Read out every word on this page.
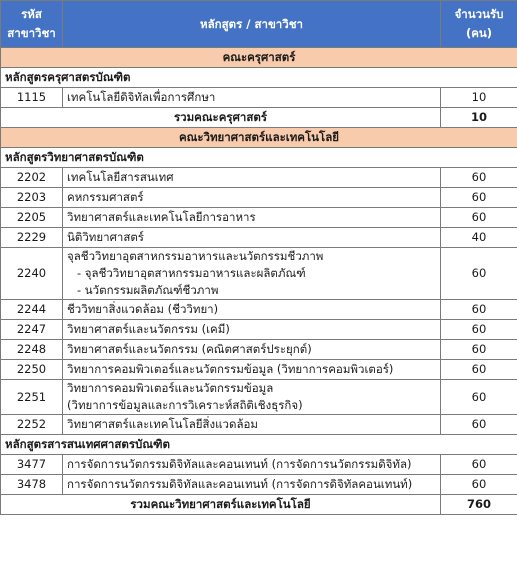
รหัส
สาขาวิชา	หลักสูตร / สาขาวิชา	จำนวนรับ
(คน)
คณะครุศาสตร์		
หลักสูตรครุศาสตรบัณฑิต		
1115	เทคโนโลยีดิจิทัลเพื่อการศึกษา	10
รวมคณะครุศาสตร์		10
คณะวิทยาศาสตร์และเทคโนโลยี		
หลักสูตรวิทยาศาสตรบัณฑิต		
2202	เทคโนโลยีสารสนเทศ	60
2203	คหกรรมศาสตร์	60
2205	วิทยาศาสตร์และเทคโนโลยีการอาหาร	60
2229	นิติวิทยาศาสตร์	40
2240	จุลชีววิทยาอุตสาหกรรมอาหารและนวัตกรรมชีวภาพ
- จุลชีววิทยาอุตสาหกรรมอาหารและผลิตภัณฑ์
- นวัตกรรมผลิตภัณฑ์ชีวภาพ	60
2244	ชีววิทยาสิ่งแวดล้อม (ชีววิทยา)	60
2247	วิทยาศาสตร์และนวัตกรรม (เคมี)	60
2248	วิทยาศาสตร์และนวัตกรรม (คณิตศาสตร์ประยุกต์)	60
2250	วิทยาการคอมพิวเตอร์และนวัตกรรมข้อมูล (วิทยาการคอมพิวเตอร์)	60
2251	วิทยาการคอมพิวเตอร์และนวัตกรรมข้อมูล
(วิทยาการข้อมูลและการวิเคราะห์สถิติเชิงธุรกิจ)	60
2252	วิทยาศาสตร์และเทคโนโลยีสิ่งแวดล้อม	60
หลักสูตรสารสนเทศศาสตรบัณฑิต		
3477	การจัดการนวัตกรรมดิจิทัลและคอนเทนท์ (การจัดการนวัตกรรมดิจิทัล)	60
3478	การจัดการนวัตกรรมดิจิทัลและคอนเทนท์ (การจัดการดิจิทัลคอนเทนท์)	60
รวมคณะวิทยาศาสตร์และเทคโนโลยี		760
